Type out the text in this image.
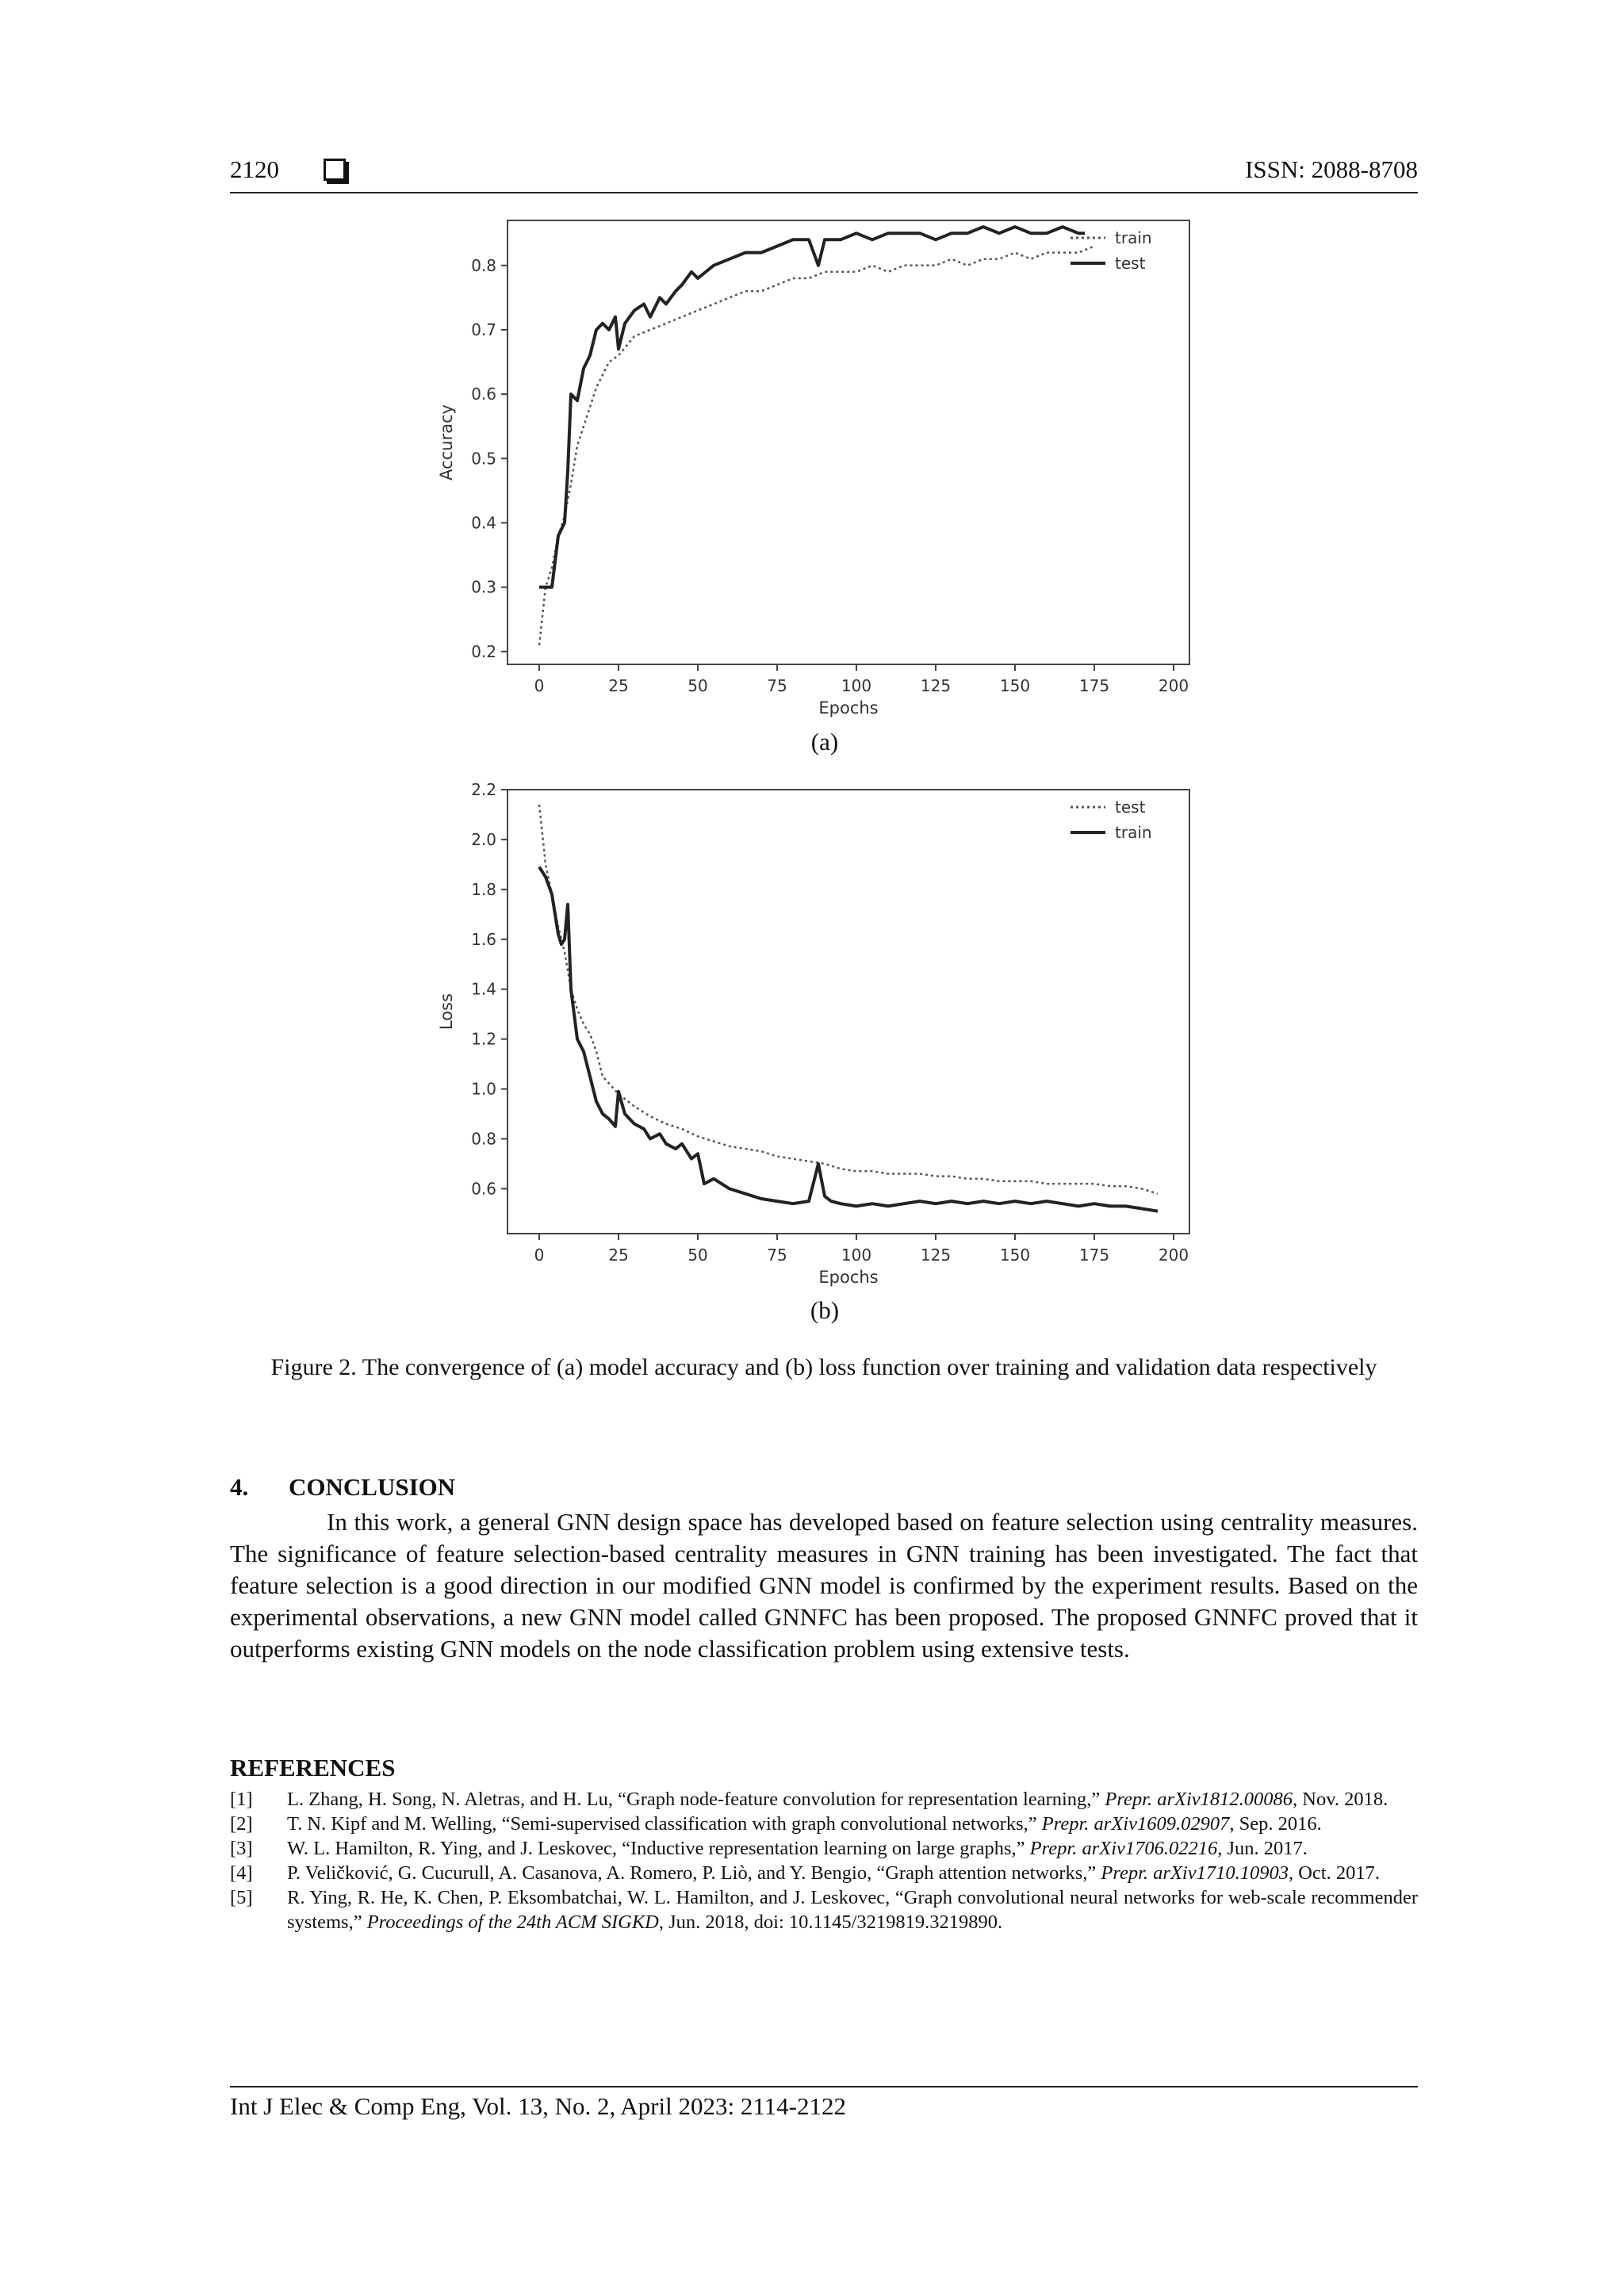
2120	ISSN: 2088-8708
0	25	50	75	100	125	150	175	200
0.2
0.3
0.4
0.5
0.6
0.7
0.8
Epochs
Accuracy
train
test
(a)
0	25	50	75	100	125	150	175	200
0.6
0.8
1.0
1.2
1.4
1.6
1.8
2.0
2.2
Epochs
Loss
test
train
(b)
Figure 2. The convergence of (a) model accuracy and (b) loss function over training and validation data respectively
4. CONCLUSION

In this work, a general GNN design space has developed based on feature selection using centrality measures. The significance of feature selection-based centrality measures in GNN training has been investigated. The fact that feature selection is a good direction in our modified GNN model is confirmed by the experiment results. Based on the experimental observations, a new GNN model called GNNFC has been proposed. The proposed GNNFC proved that it outperforms existing GNN models on the node classification problem using extensive tests.

REFERENCES
[1] L. Zhang, H. Song, N. Aletras, and H. Lu, “Graph node-feature convolution for representation learning,” Prepr. arXiv1812.00086, Nov. 2018.
[2] T. N. Kipf and M. Welling, “Semi-supervised classification with graph convolutional networks,” Prepr. arXiv1609.02907, Sep. 2016.
[3] W. L. Hamilton, R. Ying, and J. Leskovec, “Inductive representation learning on large graphs,” Prepr. arXiv1706.02216, Jun. 2017.
[4] P. Veličković, G. Cucurull, A. Casanova, A. Romero, P. Liò, and Y. Bengio, “Graph attention networks,” Prepr. arXiv1710.10903, Oct. 2017.
[5] R. Ying, R. He, K. Chen, P. Eksombatchai, W. L. Hamilton, and J. Leskovec, “Graph convolutional neural networks for web-scale recommender systems,” Proceedings of the 24th ACM SIGKD, Jun. 2018, doi: 10.1145/3219819.3219890.
Int J Elec & Comp Eng, Vol. 13, No. 2, April 2023: 2114-2122
